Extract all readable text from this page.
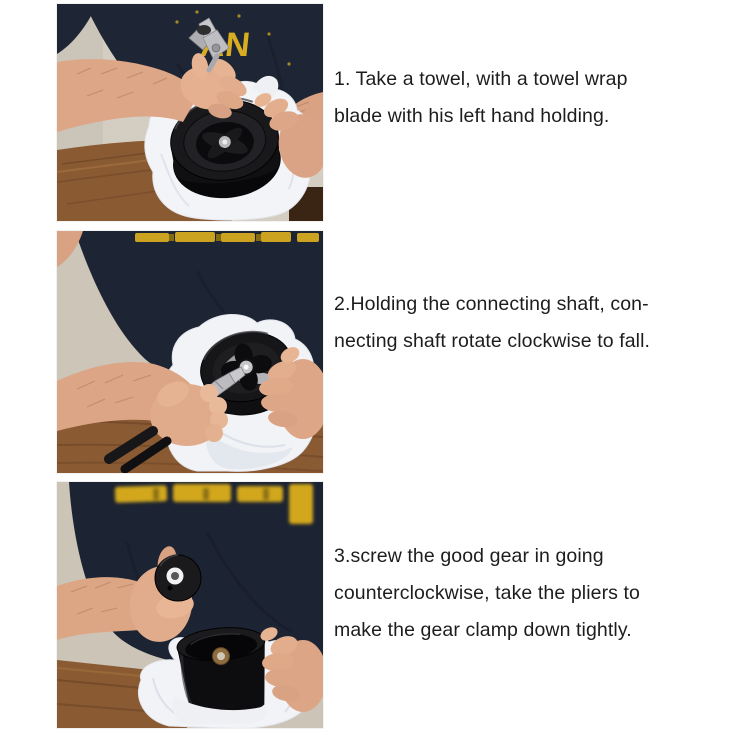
1. Take a towel, with a towel wrap
blade with his left hand holding.
2.Holding the connecting shaft, con-
necting shaft rotate clockwise to fall.
3.screw the good gear in going
counterclockwise, take the pliers to
make the gear clamp down tightly.
